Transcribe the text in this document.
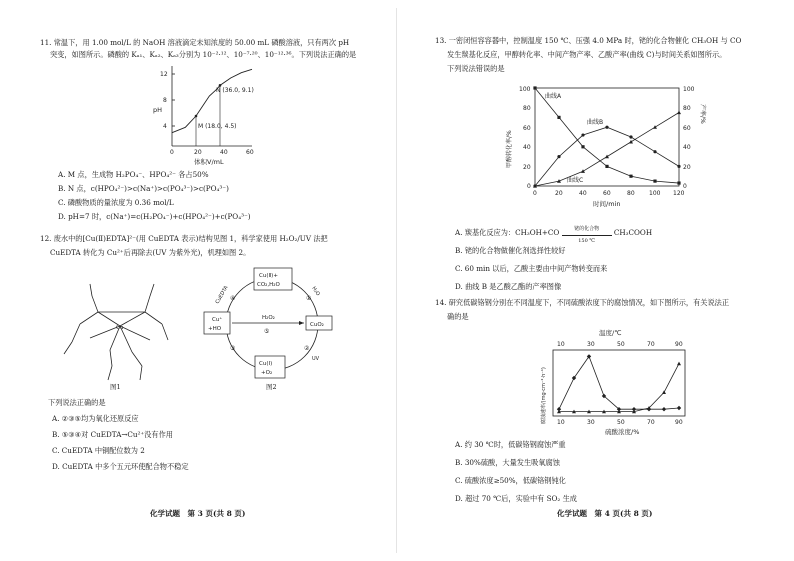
11. 常温下，用 1.00 mol/L 的 NaOH 溶液滴定未知浓度的 50.00 mL 磷酸溶液，只有两次 pH
突变，如图所示。磷酸的 Kₐ₁、Kₐ₂、Kₐ₃分别为 10⁻²·¹²、10⁻⁷·²⁰、10⁻¹²·³⁶。下列说法正确的是
12
8
4
pH
0	20	40	60
体积V/mL
M (18.0, 4.5)
N (36.0, 9.1)
A. M 点，生成物 H₂PO₄⁻、HPO₄²⁻ 各占50%
B. N 点，c(HPO₄²⁻)>c(Na⁺)>c(PO₄³⁻)>c(PO₄³⁻)
C. 磷酸物质的量浓度为 0.36 mol/L
D. pH=7 时，c(Na⁺)=c(H₂PO₄⁻)+c(HPO₄²⁻)+c(PO₄³⁻)
12. 废水中的[Cu(Ⅱ)EDTA]²⁻(用 CuEDTA 表示)结构见图 1，科学家使用 H₂O₂/UV 法把
CuEDTA 转化为 Cu²⁺后再除去(UV 为紫外光)，机理如图 2。
Cu
图1
Cu(Ⅱ)+
CO₂,H₂O
Cu⁺
+HO
CuO₂
Cu(Ⅰ)
+O₂
H₂O₂
⑤
④	①
②
③
CuEDTA	H₂O
UV
图2
下列说法正确的是
A. ②③⑤均为氧化还原反应
B. ⑤③④对 CuEDTA→Cu²⁺没有作用
C. CuEDTA 中铜配位数为 2
D. CuEDTA 中多个五元环使配合物不稳定
化学试题　第 3 页(共 8 页)
13. 一密闭恒容容器中，控制温度 150 ℃、压强 4.0 MPa 时，铑的化合物催化 CH₃OH 与 CO
发生羰基化反应，甲醇转化率、中间产物产率、乙酸产率(曲线 C)与时间关系如图所示。
下列说法错误的是
100
80
60
40
20
0
100
80
60
40
20
0
0	20	40	60	80 100 120
时间/min
甲醇转化率/%
产率/%
曲线A
曲线B
曲线C
A. 羰基化反应为：CH₃OH+CO	铑的化合物
150 ℃
CH₃COOH
B. 铑的化合物做催化剂选择性较好
C. 60 min 以后，乙酸主要由中间产物转变而来
D. 曲线 B 是乙酸乙酯的产率图像
14. 研究低碳铬钢分别在不同温度下，不同硫酸浓度下的腐蚀情况，如下图所示，有关说法正
确的是
温度/℃
10	30	50	70	90
10	30	50	70	90
硫酸浓度/%
腐蚀速率/(mg·cm⁻²·h⁻¹)
A. 约 30 ℃时，低碳铬钢腐蚀严重
B. 30%硫酸，大量发生吸氧腐蚀
C. 硫酸浓度≥50%，低碳铬钢钝化
D. 超过 70 ℃后，实验中有 SO₂ 生成
化学试题　第 4 页(共 8 页)
